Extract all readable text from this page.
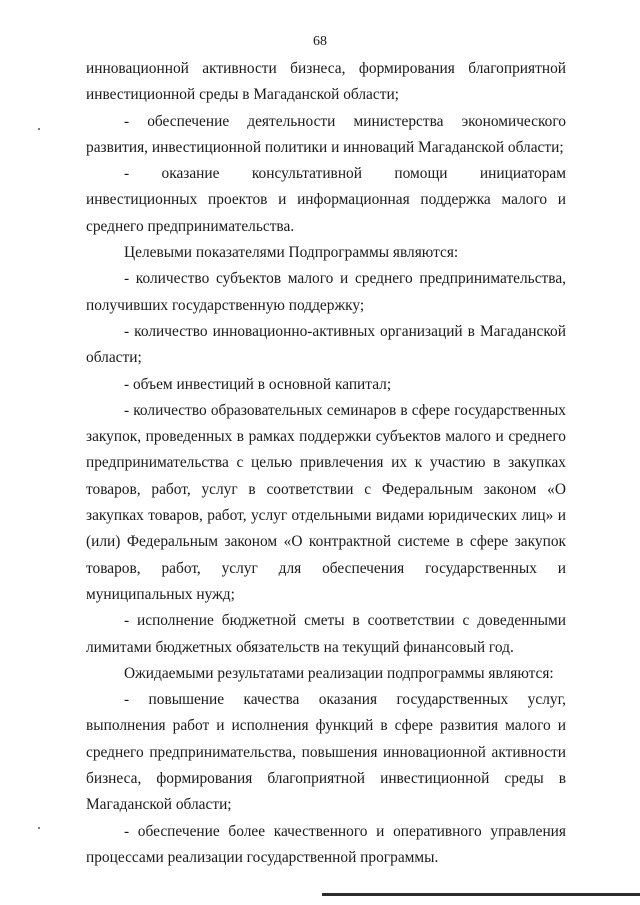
68

инновационной активности бизнеса, формирования благоприятной инвестиционной среды в Магаданской области;

- обеспечение деятельности министерства экономического развития, инвестиционной политики и инноваций Магаданской области;

- оказание консультативной помощи инициаторам инвестиционных проектов и информационная поддержка малого и среднего предпринимательства.

Целевыми показателями Подпрограммы являются:

- количество субъектов малого и среднего предпринимательства, получивших государственную поддержку;

- количество инновационно-активных организаций в Магаданской области;

- объем инвестиций в основной капитал;

- количество образовательных семинаров в сфере государственных закупок, проведенных в рамках поддержки субъектов малого и среднего предпринимательства с целью привлечения их к участию в закупках товаров, работ, услуг в соответствии с Федеральным законом «О закупках товаров, работ, услуг отдельными видами юридических лиц» и (или) Федеральным законом «О контрактной системе в сфере закупок товаров, работ, услуг для обеспечения государственных и муниципальных нужд;

- исполнение бюджетной сметы в соответствии с доведенными лимитами бюджетных обязательств на текущий финансовый год.

Ожидаемыми результатами реализации подпрограммы являются:

- повышение качества оказания государственных услуг, выполнения работ и исполнения функций в сфере развития малого и среднего предпринимательства, повышения инновационной активности бизнеса, формирования благоприятной инвестиционной среды в Магаданской области;

- обеспечение более качественного и оперативного управления процессами реализации государственной программы.
